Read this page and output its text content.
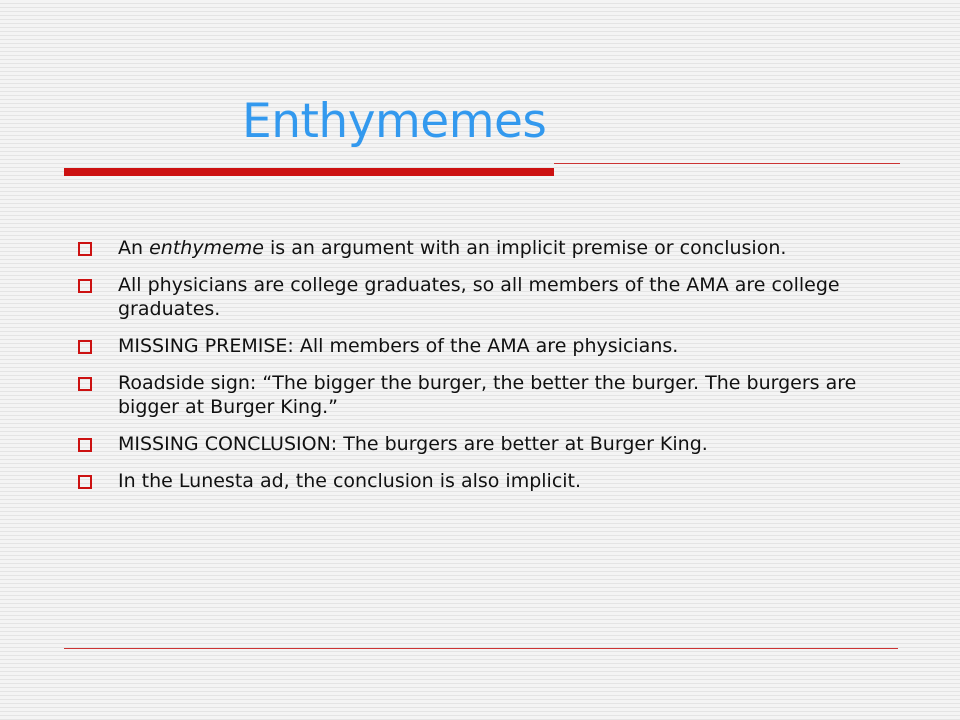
Enthymemes
An enthymeme is an argument with an implicit premise or conclusion.
All physicians are college graduates, so all members of the AMA are college graduates.
MISSING PREMISE: All members of the AMA are physicians.
Roadside sign: “The bigger the burger, the better the burger. The burgers are bigger at Burger King.”
MISSING CONCLUSION: The burgers are better at Burger King.
In the Lunesta ad, the conclusion is also implicit.
